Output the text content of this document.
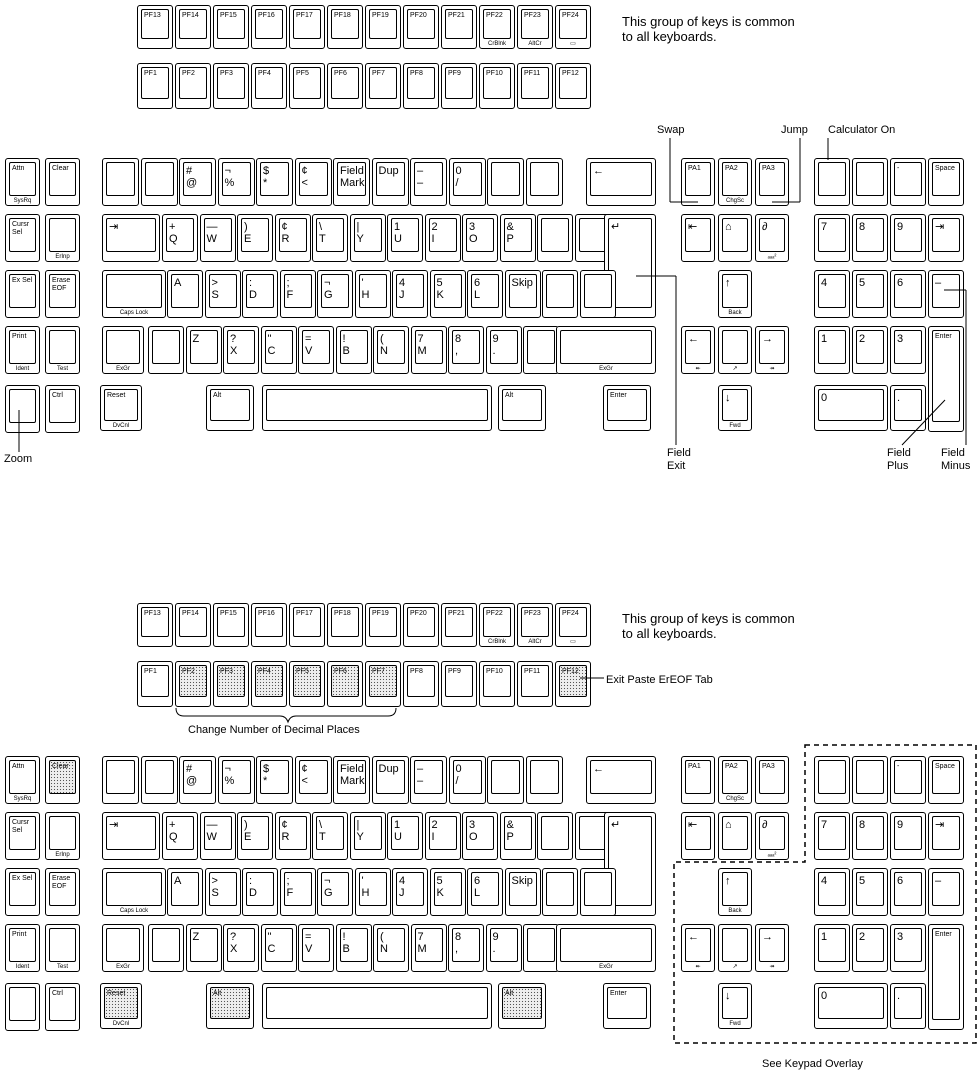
PF13
PF1
PF14
PF2
PF15
PF3
PF16
PF4
PF17
PF5
PF18
PF6
PF19
PF7
PF20
PF8
PF21
PF9
PF22
CrBlnk
PF10
PF23
AltCr
PF11
PF24
▭
PF12
Attn
SysRq
Clear
Cursr
Sel
ErInp
Ex Sel	Erase
EOF
Print
Ident	Test
Ctrl
#
@
¬
%
$
*
¢
<
Field
Mark
Dup –
–
0
/
←
⇥	+
Q
—
W
)
E
¢
R
\
T
|
Y
1
U
2
I
3
O
&
P
↵
Caps Lock
A	>
S
:
D
;
F
¬
G
'
H
4
J
5
K
6
L
Skip
ExGr
Z	?
X
"
C
=
V
!
B
(
N
7
M
8
,
9
.
ExGr
Reset
DvCnl
Alt	Alt	Enter
PA1	PA2
ChgSc
PA3
⇤	⌂	∂
ₐₐₐ²
↑
Back
←
↞	↗
→
↠
↓
Fwd
-	Space
7	8	9	⇥
4	5	6	–
1	2	3	Enter
0	.
PF13
PF1
PF14
PF2
PF15
PF3
PF16
PF4
PF17
PF5
PF18
PF6
PF19
PF7
PF20
PF8
PF21
PF9
PF22
CrBlnk
PF10
PF23
AltCr
PF11
PF24
▭
PF12
Attn
SysRq
Clear
Cursr
Sel
ErInp
Ex Sel	Erase
EOF
Print
Ident	Test
Ctrl
#
@
¬
%
$
*
¢
<
Field
Mark
Dup –
–
0
/
←
⇥	+
Q
—
W
)
E
¢
R
\
T
|
Y
1
U
2
I
3
O
&
P
↵
Caps Lock
A	>
S
:
D
;
F
¬
G
'
H
4
J
5
K
6
L
Skip
ExGr
Z	?
X
"
C
=
V
!
B
(
N
7
M
8
,
9
.
ExGr
Reset
DvCnl
Alt	Alt	Enter
PA1	PA2
ChgSc
PA3
⇤	⌂	∂
ₐₐₐ²
↑
Back
←
↞	↗
→
↠
↓
Fwd
-	Space
7	8	9	⇥
4	5	6	–
1	2	3	Enter
0	.
This group of keys is common
to all keyboards.
Swap	Jump Calculator On
Zoom	Field
Exit
Field
Plus
Field
Minus
This group of keys is common
to all keyboards.
Exit Paste ErEOF Tab
Change Number of Decimal Places
See Keypad Overlay
